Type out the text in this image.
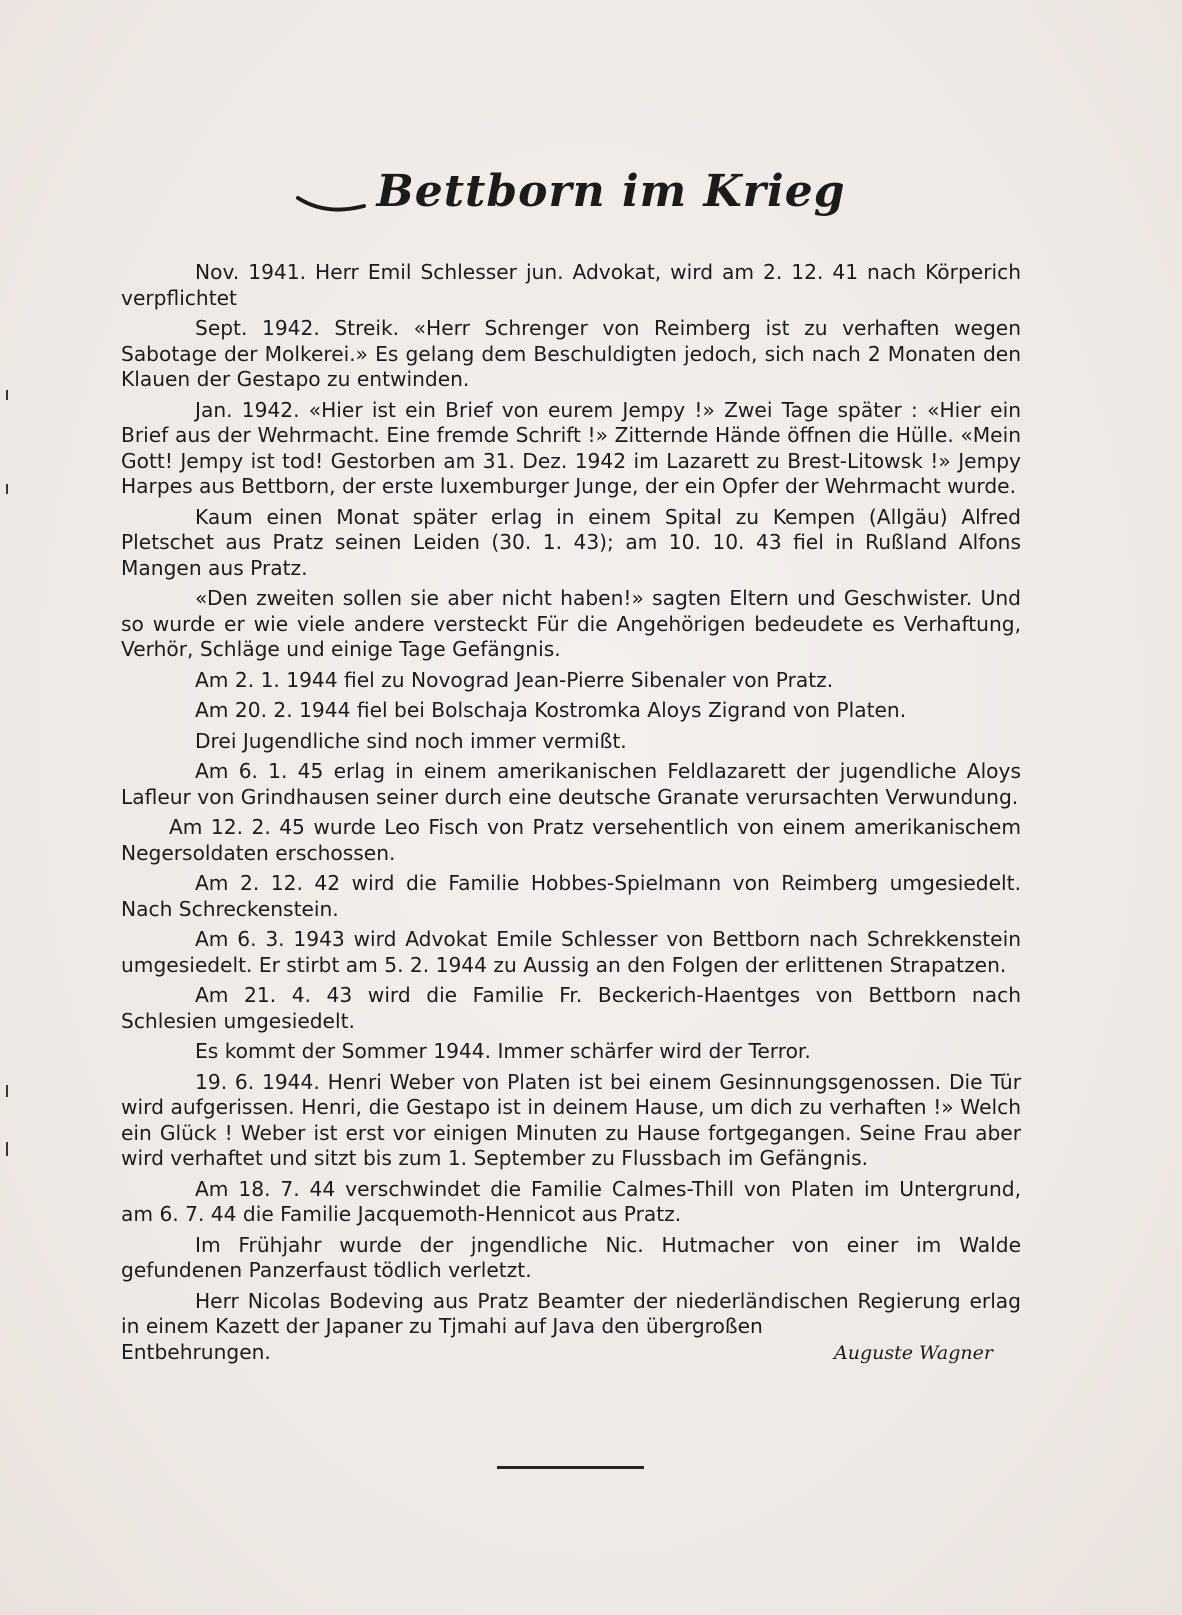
Bettborn im Krieg

Nov. 1941. Herr Emil Schlesser jun. Advokat, wird am 2. 12. 41 nach Körperich verpflichtet

Sept. 1942. Streik. «Herr Schrenger von Reimberg ist zu verhaften wegen Sabotage der Molkerei.» Es gelang dem Beschuldigten jedoch, sich nach 2 Monaten den Klauen der Gestapo zu entwinden.

Jan. 1942. «Hier ist ein Brief von eurem Jempy !» Zwei Tage später : «Hier ein Brief aus der Wehrmacht. Eine fremde Schrift !» Zitternde Hände öffnen die Hülle. «Mein Gott! Jempy ist tod! Gestorben am 31. Dez. 1942 im Lazarett zu Brest-Litowsk !» Jempy Harpes aus Bettborn, der erste luxemburger Junge, der ein Opfer der Wehrmacht wurde.

Kaum einen Monat später erlag in einem Spital zu Kempen (Allgäu) Alfred Pletschet aus Pratz seinen Leiden (30. 1. 43); am 10. 10. 43 fiel in Rußland Alfons Mangen aus Pratz.

«Den zweiten sollen sie aber nicht haben!» sagten Eltern und Geschwister. Und so wurde er wie viele andere versteckt Für die Angehörigen bedeudete es Verhaftung, Verhör, Schläge und einige Tage Gefängnis.

Am 2. 1. 1944 fiel zu Novograd Jean-Pierre Sibenaler von Pratz.

Am 20. 2. 1944 fiel bei Bolschaja Kostromka Aloys Zigrand von Platen.

Drei Jugendliche sind noch immer vermißt.

Am 6. 1. 45 erlag in einem amerikanischen Feldlazarett der jugendliche Aloys Lafleur von Grindhausen seiner durch eine deutsche Granate verursachten Verwundung.

Am 12. 2. 45 wurde Leo Fisch von Pratz versehentlich von einem amerikanischem Negersoldaten erschossen.

Am 2. 12. 42 wird die Familie Hobbes-Spielmann von Reimberg umgesiedelt. Nach Schreckenstein.

Am 6. 3. 1943 wird Advokat Emile Schlesser von Bettborn nach Schrekkenstein umgesiedelt. Er stirbt am 5. 2. 1944 zu Aussig an den Folgen der erlittenen Strapatzen.

Am 21. 4. 43 wird die Familie Fr. Beckerich-Haentges von Bettborn nach Schlesien umgesiedelt.

Es kommt der Sommer 1944. Immer schärfer wird der Terror.

19. 6. 1944. Henri Weber von Platen ist bei einem Gesinnungsgenossen. Die Tür wird aufgerissen. Henri, die Gestapo ist in deinem Hause, um dich zu verhaften !» Welch ein Glück ! Weber ist erst vor einigen Minuten zu Hause fortgegangen. Seine Frau aber wird verhaftet und sitzt bis zum 1. September zu Flussbach im Gefängnis.

Am 18. 7. 44 verschwindet die Familie Calmes-Thill von Platen im Untergrund, am 6. 7. 44 die Familie Jacquemoth-Hennicot aus Pratz.

Im Frühjahr wurde der jngendliche Nic. Hutmacher von einer im Walde gefundenen Panzerfaust tödlich verletzt.

Herr Nicolas Bodeving aus Pratz Beamter der niederländischen Regierung erlag in einem Kazett der Japaner zu Tjmahi auf Java den übergroßen

Entbehrungen.	Auguste Wagner
